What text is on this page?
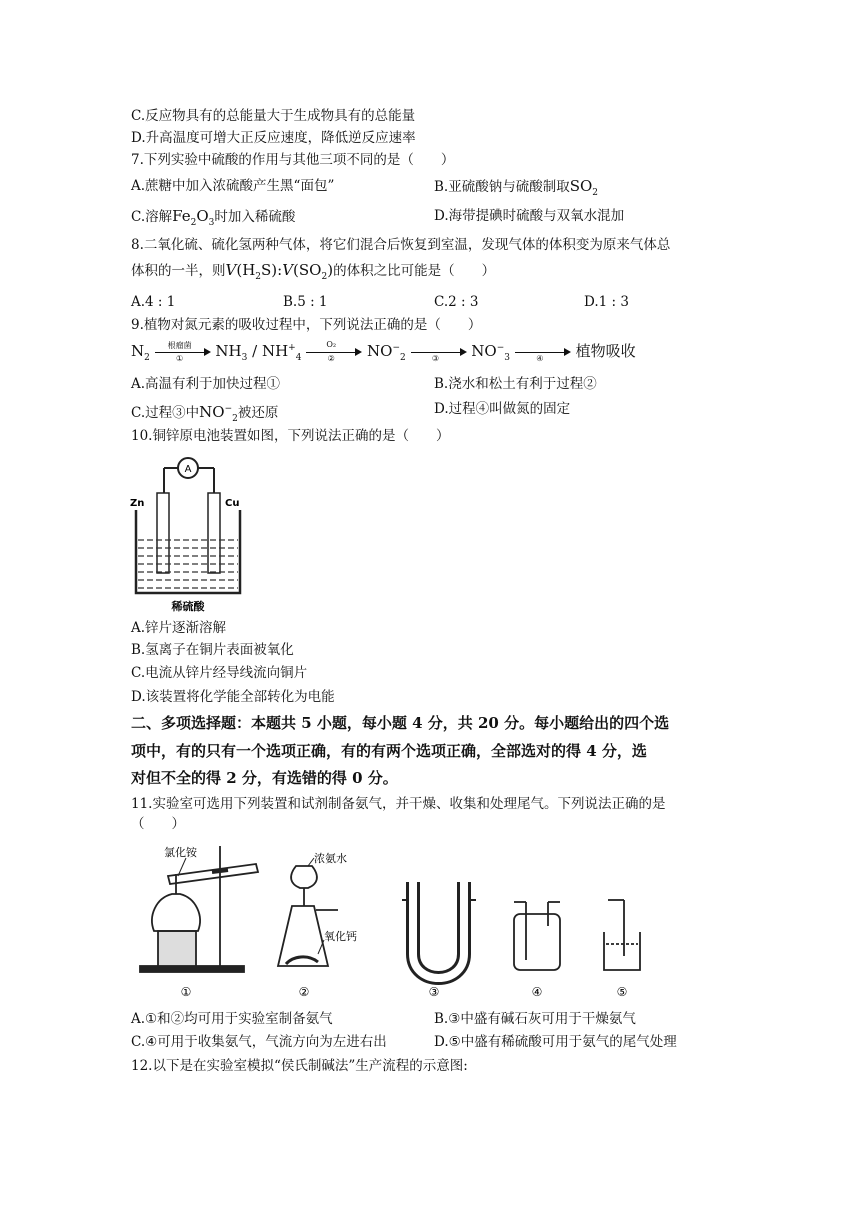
C.反应物具有的总能量大于生成物具有的总能量
D.升高温度可增大正反应速度，降低逆反应速率
7.下列实验中硫酸的作用与其他三项不同的是（　　）
A.蔗糖中加入浓硫酸产生黑“面包”	B.亚硫酸钠与硫酸制取$SO_2$
C.溶解$Fe_2O_3$时加入稀硫酸	D.海带提碘时硫酸与双氧水混加
8.二氧化硫、硫化氢两种气体，将它们混合后恢复到室温，发现气体的体积变为原来气体总
体积的一半，则$V(H_2S):V(SO_2)$的体积之比可能是（　　）
A.4 : 1	B.5 : 1	C.2 : 3	D.1 : 3
9.植物对氮元素的吸收过程中，下列说法正确的是（　　）
$N_2$
根瘤菌
①	$NH_3 / NH^+_4$
O₂
②	$NO^-_2$	③	$NO^-_3$	④	植物吸收
A.高温有利于加快过程①	B.浇水和松土有利于过程②
C.过程③中$NO^-_2$被还原	D.过程④叫做氮的固定
10.铜锌原电池装置如图，下列说法正确的是（　　）
A
Zn	Cu
稀硫酸
A.锌片逐渐溶解
B.氢离子在铜片表面被氧化
C.电流从锌片经导线流向铜片
D.该装置将化学能全部转化为电能
二、多项选择题：本题共 5 小题，每小题 4 分，共 20 分。每小题给出的四个选
项中，有的只有一个选项正确，有的有两个选项正确，全部选对的得 4 分，选
对但不全的得 2 分，有选错的得 0 分。
11.实验室可选用下列装置和试剂制备氨气，并干燥、收集和处理尾气。下列说法正确的是
（　　）
氯化铵
①
浓氨水
氧化钙
②	③	④	⑤
A.①和②均可用于实验室制备氨气	B.③中盛有碱石灰可用于干燥氨气
C.④可用于收集氨气，气流方向为左进右出	D.⑤中盛有稀硫酸可用于氨气的尾气处理
12.以下是在实验室模拟“侯氏制碱法”生产流程的示意图:
